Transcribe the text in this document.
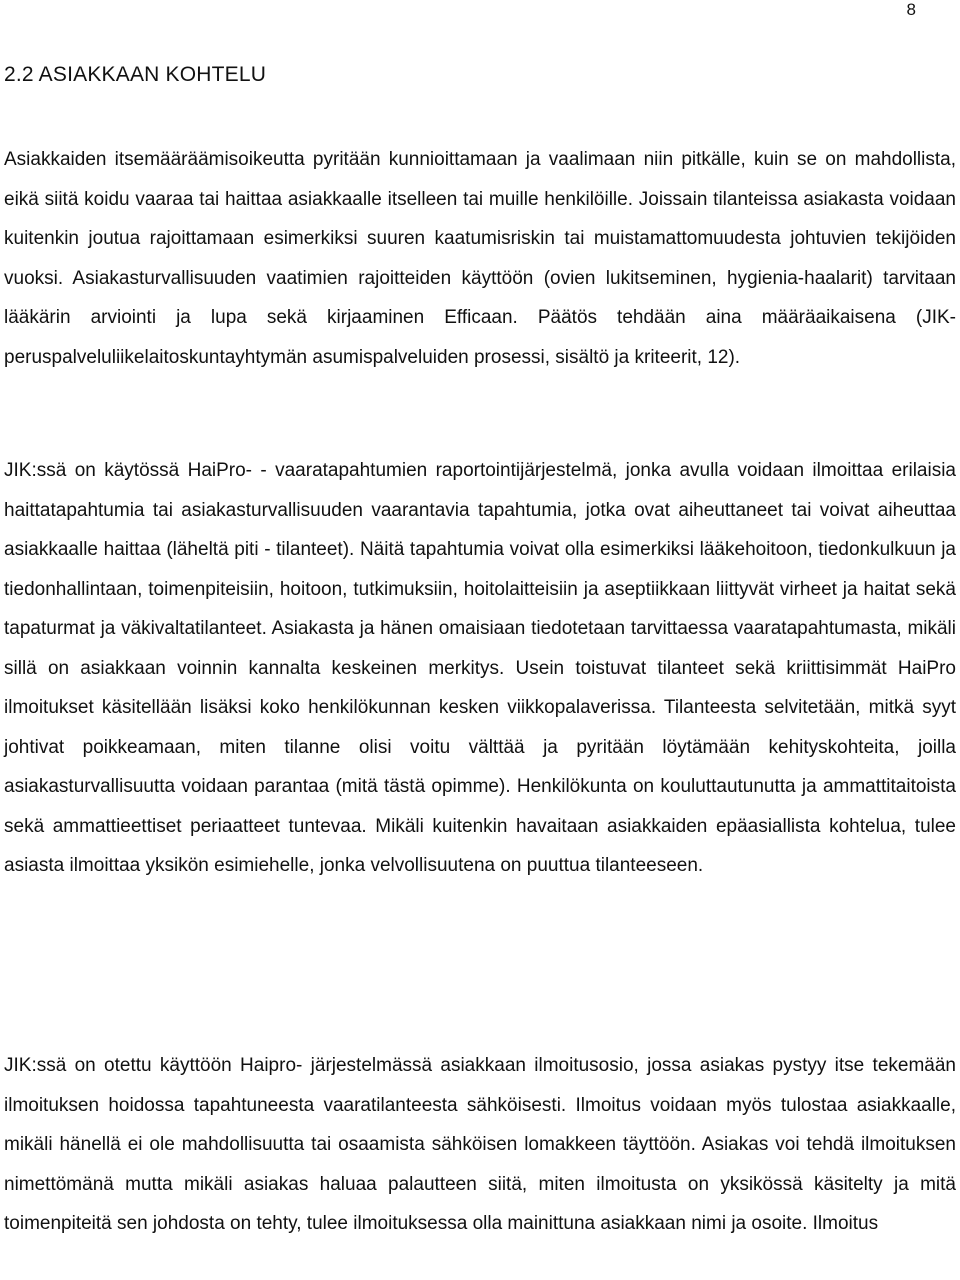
8
2.2 ASIAKKAAN KOHTELU

Asiakkaiden itsemääräämisoikeutta pyritään kunnioittamaan ja vaalimaan niin pitkälle, kuin se on mahdollista, eikä siitä koidu vaaraa tai haittaa asiakkaalle itselleen tai muille henkilöille. Joissain tilanteissa asiakasta voidaan kuitenkin joutua rajoittamaan esimerkiksi suuren kaatumisriskin tai muistamattomuudesta johtuvien tekijöiden vuoksi. Asiakasturvallisuuden vaatimien rajoitteiden käyttöön (ovien lukitseminen, hygienia-haalarit) tarvitaan lääkärin arviointi ja lupa sekä kirjaaminen Efficaan. Päätös tehdään aina määräaikaisena (JIK-peruspalveluliikelaitoskuntayhtymän asumispalveluiden prosessi, sisältö ja kriteerit, 12).

JIK:ssä on käytössä HaiPro- - vaaratapahtumien raportointijärjestelmä, jonka avulla voidaan ilmoittaa erilaisia haittatapahtumia tai asiakasturvallisuuden vaarantavia tapahtumia, jotka ovat aiheuttaneet tai voivat aiheuttaa asiakkaalle haittaa (läheltä piti - tilanteet). Näitä tapahtumia voivat olla esimerkiksi lääkehoitoon, tiedonkulkuun ja tiedonhallintaan, toimenpiteisiin, hoitoon, tutkimuksiin, hoitolaitteisiin ja aseptiikkaan liittyvät virheet ja haitat sekä tapaturmat ja väkivaltatilanteet. Asiakasta ja hänen omaisiaan tiedotetaan tarvittaessa vaaratapahtumasta, mikäli sillä on asiakkaan voinnin kannalta keskeinen merkitys. Usein toistuvat tilanteet sekä kriittisimmät HaiPro ilmoitukset käsitellään lisäksi koko henkilökunnan kesken viikkopalaverissa. Tilanteesta selvitetään, mitkä syyt johtivat poikkeamaan, miten tilanne olisi voitu välttää ja pyritään löytämään kehityskohteita, joilla asiakasturvallisuutta voidaan parantaa (mitä tästä opimme). Henkilökunta on kouluttautunutta ja ammattitaitoista sekä ammattieettiset periaatteet tuntevaa. Mikäli kuitenkin havaitaan asiakkaiden epäasiallista kohtelua, tulee asiasta ilmoittaa yksikön esimiehelle, jonka velvollisuutena on puuttua tilanteeseen.

JIK:ssä on otettu käyttöön Haipro- järjestelmässä asiakkaan ilmoitusosio, jossa asiakas pystyy itse tekemään ilmoituksen hoidossa tapahtuneesta vaaratilanteesta sähköisesti. Ilmoitus voidaan myös tulostaa asiakkaalle, mikäli hänellä ei ole mahdollisuutta tai osaamista sähköisen lomakkeen täyttöön. Asiakas voi tehdä ilmoituksen nimettömänä mutta mikäli asiakas haluaa palautteen siitä, miten ilmoitusta on yksikössä käsitelty ja mitä toimenpiteitä sen johdosta on tehty, tulee ilmoituksessa olla mainittuna asiakkaan nimi ja osoite. Ilmoitus
